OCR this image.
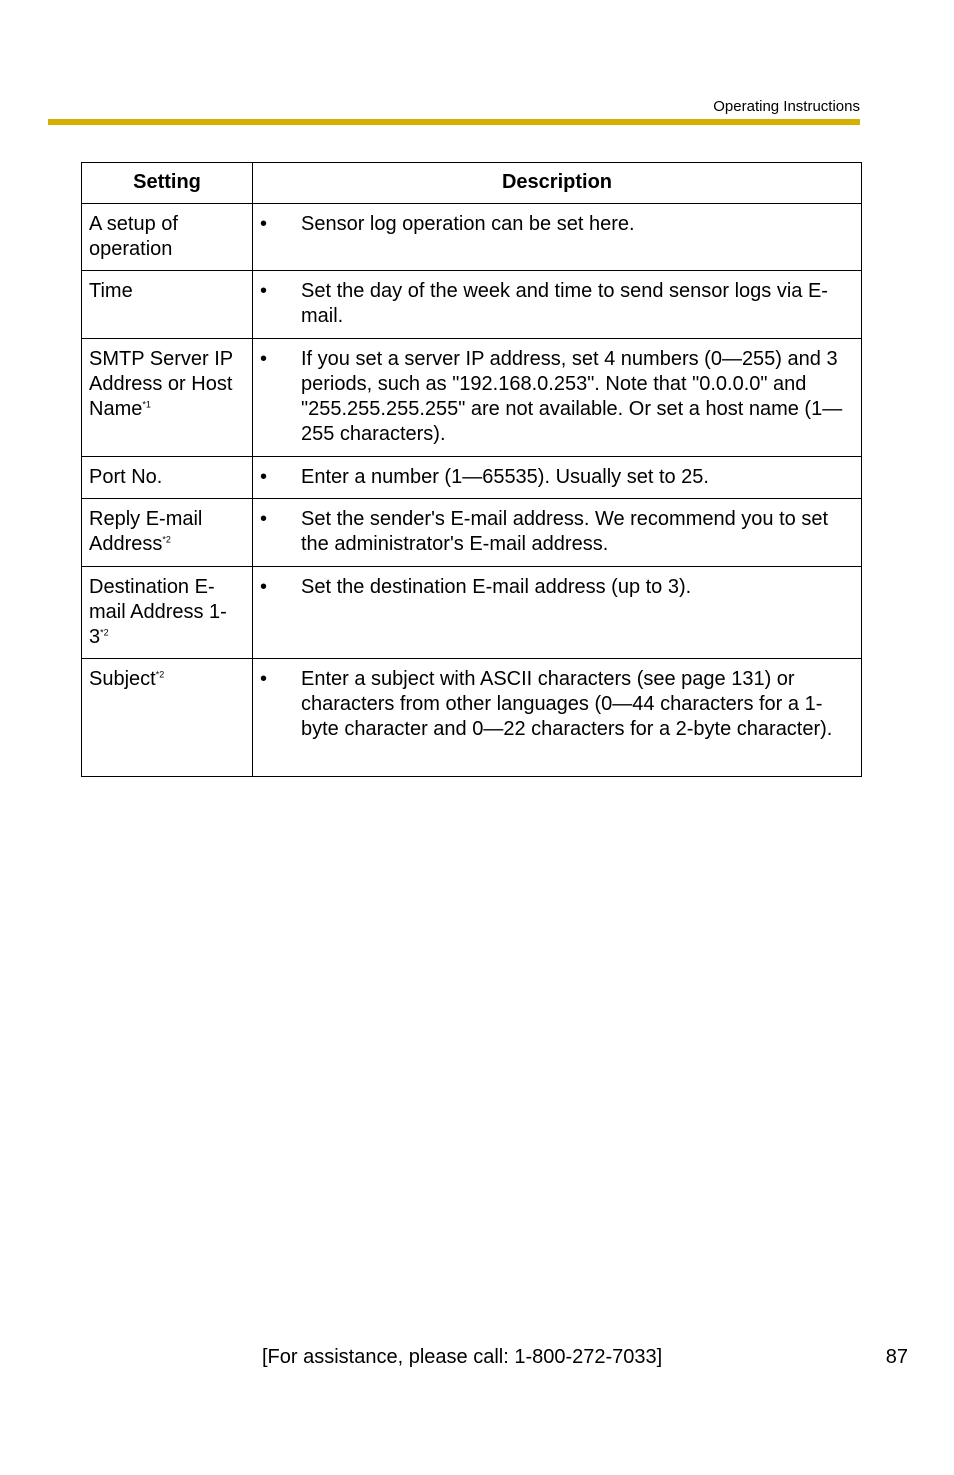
Operating Instructions
Setting	Description
A setup of operation	• Sensor log operation can be set here.

Time	• Set the day of the week and time to send sensor logs via E-mail.

SMTP Server IP Address or Host Name$^{*1}$	• If you set a server IP address, set 4 numbers (0—255) and 3 periods, such as "192.168.0.253". Note that "0.0.0.0" and "255.255.255.255" are not available. Or set a host name (1—255 characters).

Port No.	• Enter a number (1—65535). Usually set to 25.

Reply E-mail Address$^{*2}$	• Set the sender's E-mail address. We recommend you to set the administrator's E-mail address.

Destination E-mail Address 1-3$^{*2}$	• Set the destination E-mail address (up to 3).

Subject$^{*2}$	• Enter a subject with ASCII characters (see page 131) or characters from other languages (0—44 characters for a 1-byte character and 0—22 characters for a 2-byte character).
[For assistance, please call: 1-800-272-7033]	87
